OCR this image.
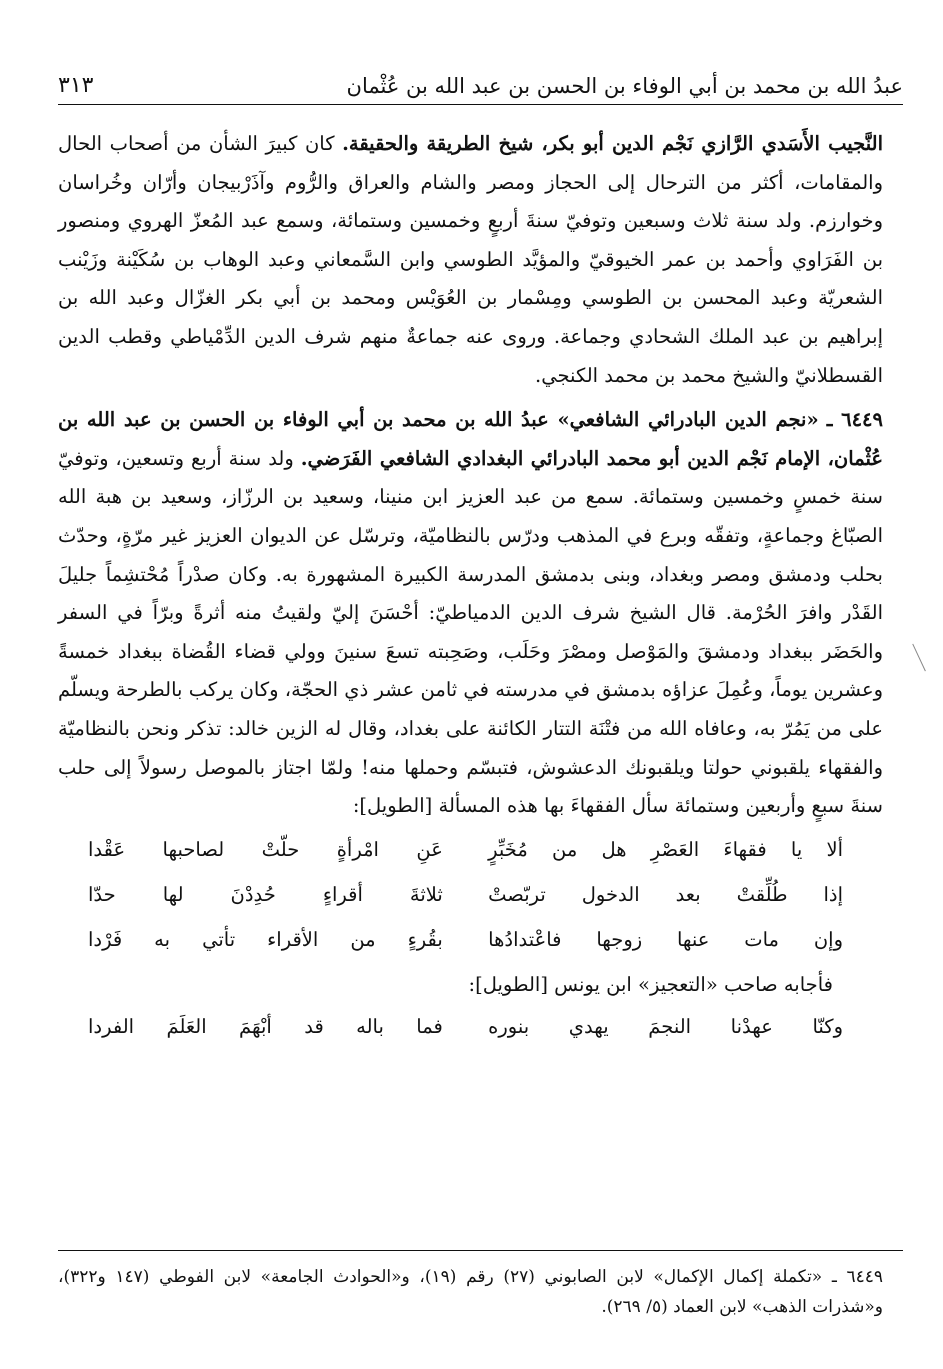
عبدُ الله بن محمد بن أبي الوفاء بن الحسن بن عبد الله بن عُثْمان
٣١٣

النَّجيب الأَسَدي الرَّازي نَجْم الدين أبو بكر، شيخ الطريقة والحقيقة. كان كبيرَ الشأن من أصحاب الحال والمقامات، أكثر من الترحال إلى الحجاز ومصر والشام والعراق والرُّوم وآذَرْبيجان وأرّان وخُراسان وخوارزم. ولد سنة ثلاث وسبعين وتوفيّ سنةَ أربعٍ وخمسين وستمائة، وسمع عبد المُعزّ الهروي ومنصور بن الفَرَاوي وأحمد بن عمر الخيوقيّ والمؤيَّد الطوسي وابن السَّمعاني وعبد الوهاب بن سُكَيْنة وزَيْنب الشعريّة وعبد المحسن بن الطوسي ومِسْمار بن العُوَيْس ومحمد بن أبي بكر الغزّال وعبد الله بن إبراهيم بن عبد الملك الشحادي وجماعة. وروى عنه جماعةٌ منهم شرف الدين الدِّمْياطي وقطب الدين القسطلانيّ والشيخ محمد بن محمد الكنجي.

٦٤٤٩ ـ «نجم الدين البادرائي الشافعي» عبدُ الله بن محمد بن أبي الوفاء بن الحسن بن عبد الله بن عُثْمان، الإمام نَجْم الدين أبو محمد البادرائي البغدادي الشافعي الفَرَضي. ولد سنة أربع وتسعين، وتوفيّ سنة خمسٍ وخمسين وستمائة. سمع من عبد العزيز ابن منينا، وسعيد بن الرزّاز، وسعيد بن هبة الله الصبّاغ وجماعةٍ، وتفقّه وبرع في المذهب ودرّس بالنظاميّة، وترسّل عن الديوان العزيز غير مرّةٍ، وحدّث بحلب ودمشق ومصر وبغداد، وبنى بدمشق المدرسة الكبيرة المشهورة به. وكان صدْراً مُحْتشِماً جليلَ القَدْر وافرَ الحُرْمة. قال الشيخ شرف الدين الدمياطيّ: أحْسَنَ إليّ ولقيتُ منه أثرةً وبرّاً في السفر والحَضَر ببغداد ودمشقَ والمَوْصل ومصْرَ وحَلَب، وصَحِبته تسعَ سنينَ وولي قضاء القُضاة ببغداد خمسةً وعشرين يوماً، وعُمِلَ عزاؤه بدمشق في مدرسته في ثامن عشر ذي الحجّة، وكان يركب بالطرحة ويسلّم على من يَمُرّ به، وعافاه الله من فتْنَة التتار الكائنة على بغداد، وقال له الزين خالد: تذكر ونحن بالنظاميّة والفقهاء يلقبوني حولتا ويلقبونك الدعشوش، فتبسّم وحملها منه! ولمّا اجتاز بالموصل رسولاً إلى حلب سنةَ سبعٍ وأربعين وستمائة سأل الفقهاءَ بها هذه المسألة [الطويل]:

ألا يا فقهاءَ العَصْرِ هل من مُخَبِّرٍ
عَنِ امْرأةٍ حلّتْ لصاحبها عَقْدا
إذا طُلِّقتْ بعد الدخول تربّصتْ
ثلاثةَ أقراءٍ حُدِدْنَ لها حدّا
وإن مات عنها زوجها فاعْتدادُها
بقُرءٍ من الأقراء تأتي به فَرْدا
فأجابه صاحب «التعجيز» ابن يونس [الطويل]:
وكنّا عهدْنا النجمَ يهدي بنوره
فما باله قد أبْهَمَ العَلَمَ الفردا
٦٤٤٩ ـ «تكملة إكمال الإكمال» لابن الصابوني (٢٧) رقم (١٩)، و«الحوادث الجامعة» لابن الفوطي (١٤٧ و٣٢٢)، و«شذرات الذهب» لابن العماد (٥/ ٢٦٩).
